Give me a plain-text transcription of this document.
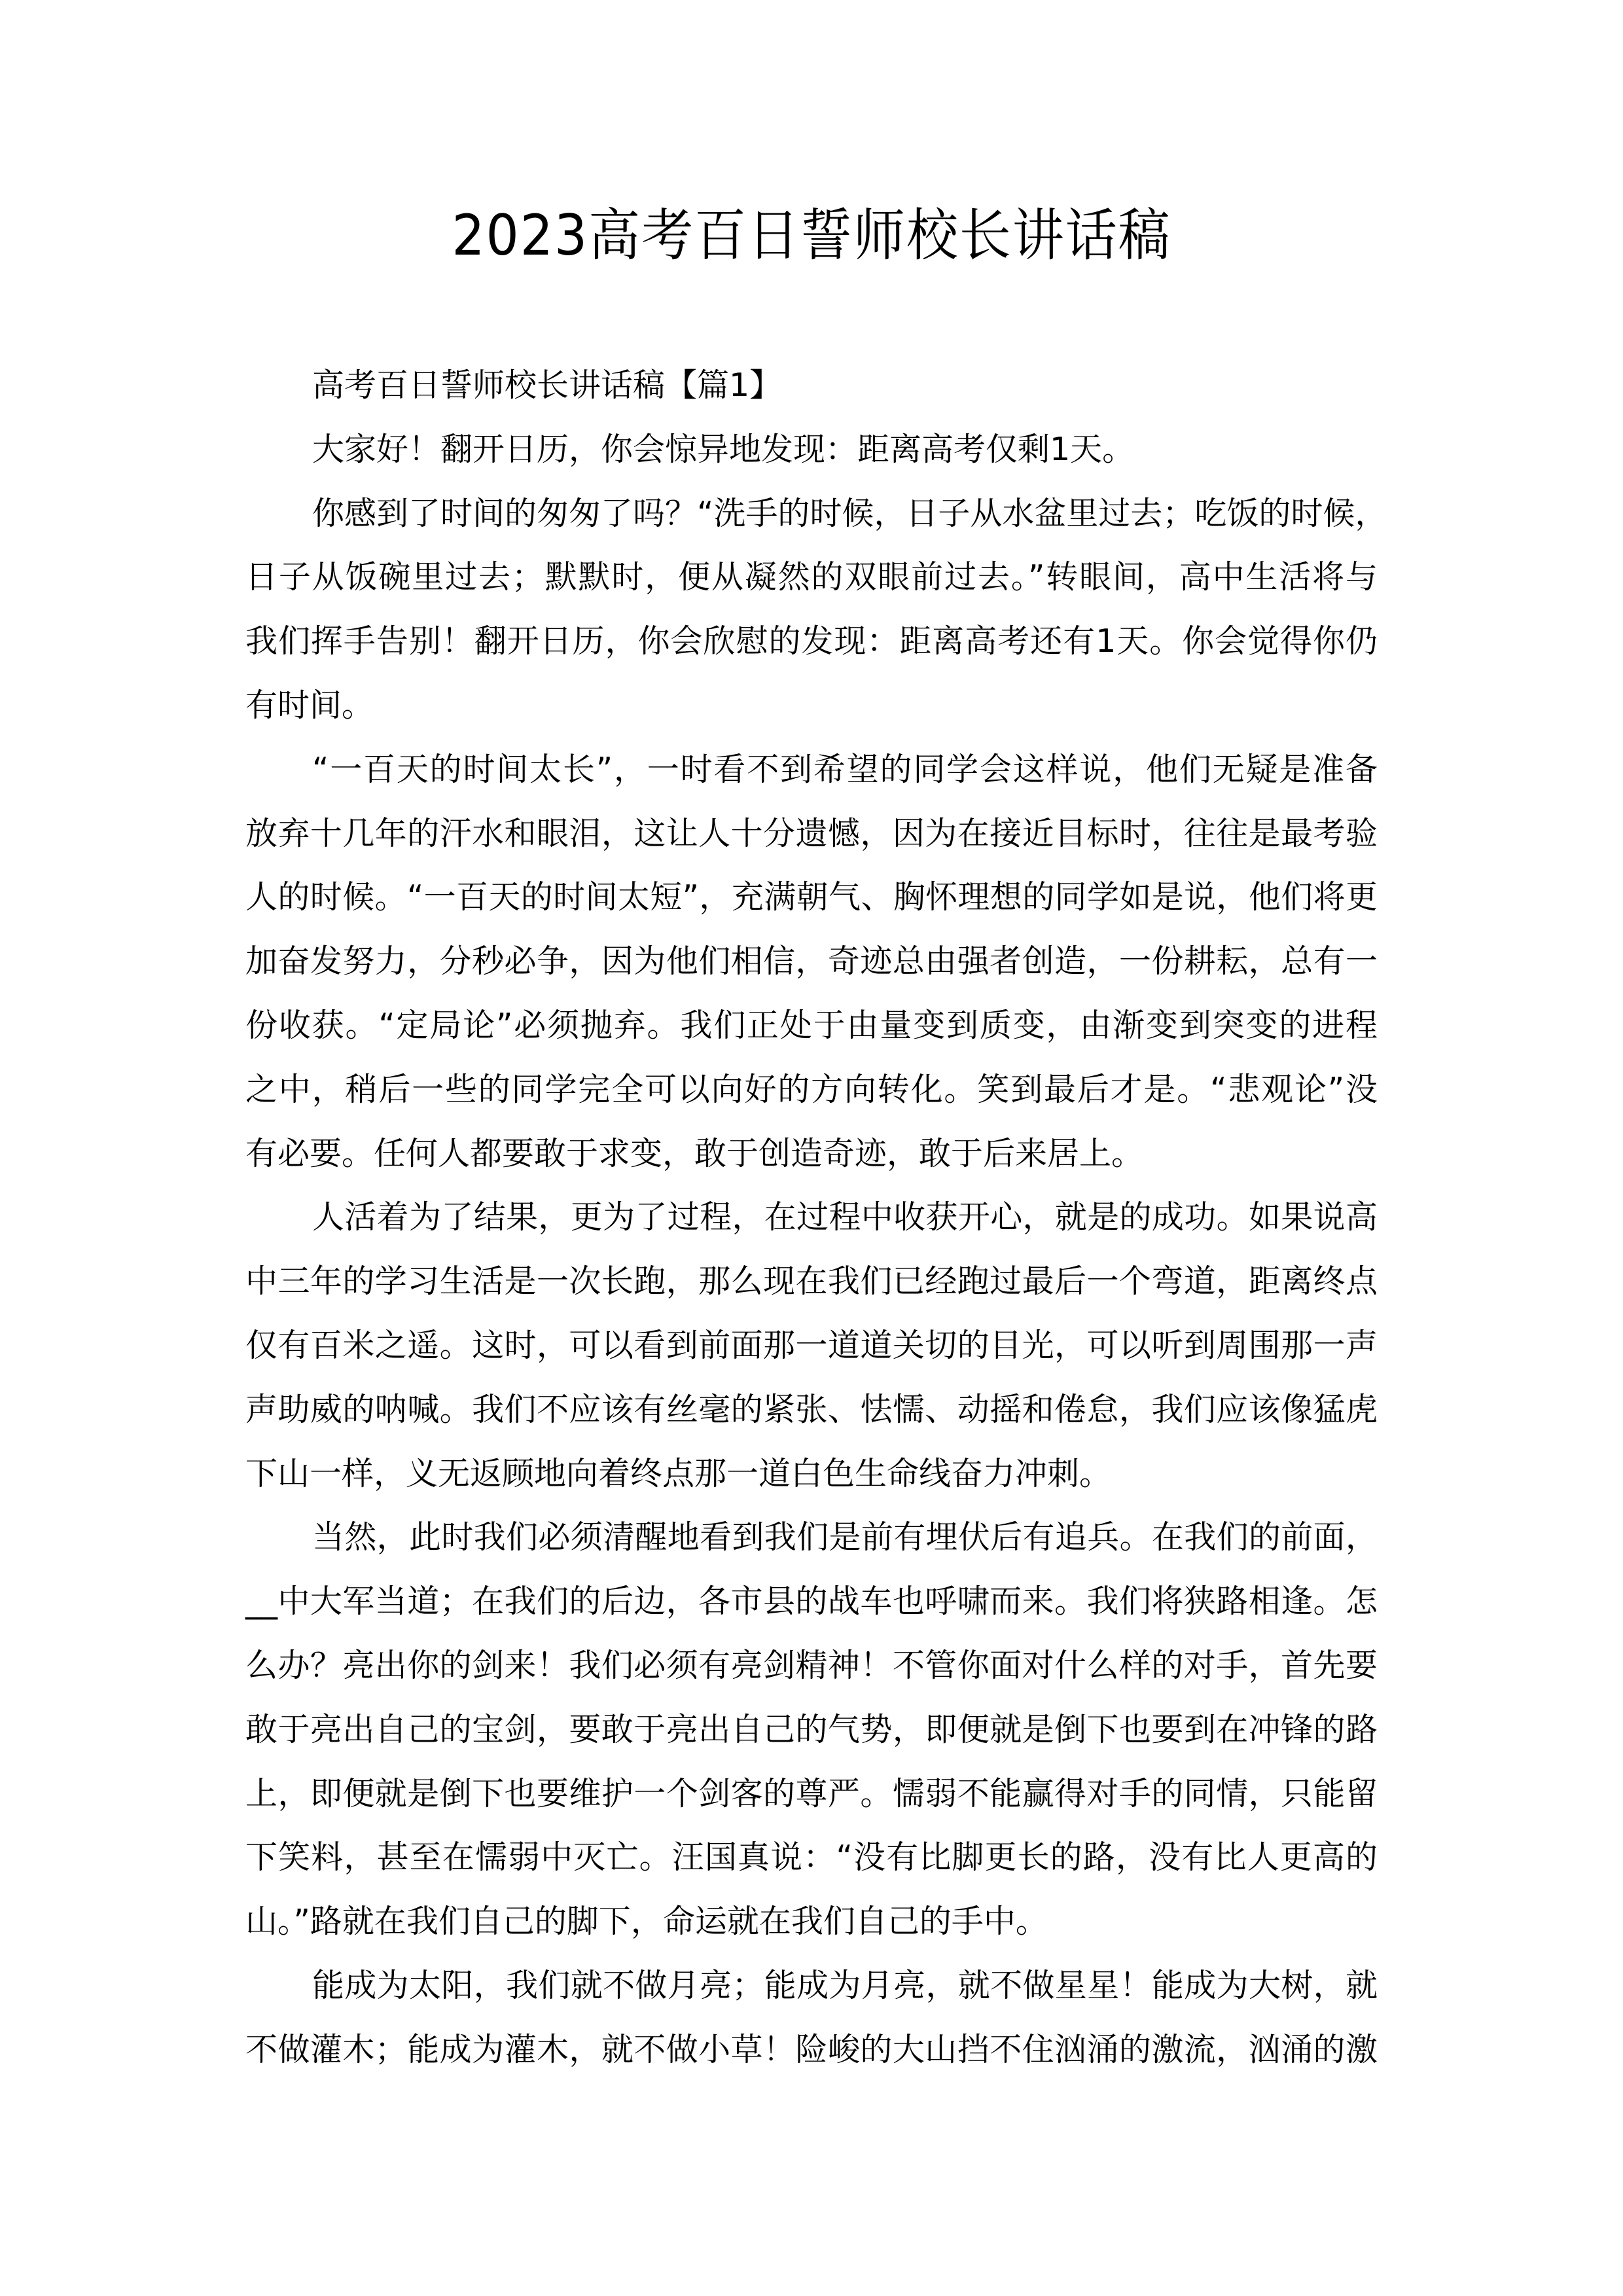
2023高考百日誓师校长讲话稿
高考百日誓师校长讲话稿【篇1】
大家好！翻开日历，你会惊异地发现：距离高考仅剩1天。
你感到了时间的匆匆了吗？“洗手的时候，日子从水盆里过去；吃饭的时候，
日子从饭碗里过去；默默时，便从凝然的双眼前过去。”转眼间，高中生活将与
我们挥手告别！翻开日历，你会欣慰的发现：距离高考还有1天。你会觉得你仍
有时间。
“一百天的时间太长”，一时看不到希望的同学会这样说，他们无疑是准备
放弃十几年的汗水和眼泪，这让人十分遗憾，因为在接近目标时，往往是最考验
人的时候。“一百天的时间太短”，充满朝气、胸怀理想的同学如是说，他们将更
加奋发努力，分秒必争，因为他们相信，奇迹总由强者创造，一份耕耘，总有一
份收获。“定局论”必须抛弃。我们正处于由量变到质变，由渐变到突变的进程
之中，稍后一些的同学完全可以向好的方向转化。笑到最后才是。“悲观论”没
有必要。任何人都要敢于求变，敢于创造奇迹，敢于后来居上。
人活着为了结果，更为了过程，在过程中收获开心，就是的成功。如果说高
中三年的学习生活是一次长跑，那么现在我们已经跑过最后一个弯道，距离终点
仅有百米之遥。这时，可以看到前面那一道道关切的目光，可以听到周围那一声
声助威的呐喊。我们不应该有丝毫的紧张、怯懦、动摇和倦怠，我们应该像猛虎
下山一样，义无返顾地向着终点那一道白色生命线奋力冲刺。
当然，此时我们必须清醒地看到我们是前有埋伏后有追兵。在我们的前面，
__中大军当道；在我们的后边，各市县的战车也呼啸而来。我们将狭路相逢。怎
么办？亮出你的剑来！我们必须有亮剑精神！不管你面对什么样的对手，首先要
敢于亮出自己的宝剑，要敢于亮出自己的气势，即便就是倒下也要到在冲锋的路
上，即便就是倒下也要维护一个剑客的尊严。懦弱不能赢得对手的同情，只能留
下笑料，甚至在懦弱中灭亡。汪国真说：“没有比脚更长的路，没有比人更高的
山。”路就在我们自己的脚下，命运就在我们自己的手中。
能成为太阳，我们就不做月亮；能成为月亮，就不做星星！能成为大树，就
不做灌木；能成为灌木，就不做小草！险峻的大山挡不住汹涌的激流，汹涌的激
